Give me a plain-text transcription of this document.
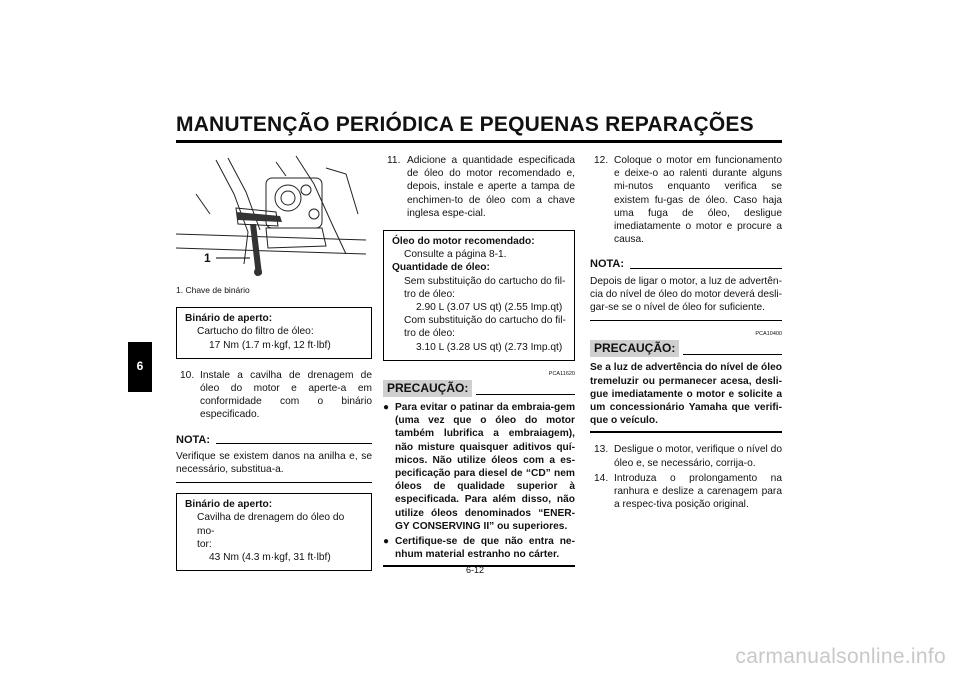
MANUTENÇÃO PERIÓDICA E PEQUENAS REPARAÇÕES
6
1
1. Chave de binário
Binário de aperto:
Cartucho do filtro de óleo:
17 Nm (1.7 m·kgf, 12 ft·lbf)
10. Instale a cavilha de drenagem de óleo do motor e aperte-a em conformidade com o binário especificado.
NOTA:
Verifique se existem danos na anilha e, se necessário, substitua-a.
Binário de aperto:
Cavilha de drenagem do óleo do mo-
tor:
43 Nm (4.3 m·kgf, 31 ft·lbf)
11. Adicione a quantidade especificada de óleo do motor recomendado e, depois, instale e aperte a tampa de enchimen-to de óleo com a chave inglesa espe-cial.
Óleo do motor recomendado:
Consulte a página 8-1.
Quantidade de óleo:
Sem substituição do cartucho do fil-
tro de óleo:
2.90 L (3.07 US qt) (2.55 Imp.qt)
Com substituição do cartucho do fil-
tro de óleo:
3.10 L (3.28 US qt) (2.73 Imp.qt)
PCA11620
PRECAUÇÃO:
● Para evitar o patinar da embraia-gem (uma vez que o óleo do motor também lubrifica a embraiagem), não misture quaisquer aditivos quí-micos. Não utilize óleos com a es-pecificação para diesel de “CD” nem óleos de qualidade superior à especificada. Para além disso, não utilize óleos denominados “ENER-GY CONSERVING II” ou superiores.
● Certifique-se de que não entra ne-nhum material estranho no cárter.
12. Coloque o motor em funcionamento e deixe-o ao ralenti durante alguns mi-nutos enquanto verifica se existem fu-gas de óleo. Caso haja uma fuga de óleo, desligue imediatamente o motor e procure a causa.
NOTA:
Depois de ligar o motor, a luz de advertên-cia do nível de óleo do motor deverá desli-gar-se se o nível de óleo for suficiente.
PCA10400
PRECAUÇÃO:
Se a luz de advertência do nível de óleo tremeluzir ou permanecer acesa, desli-gue imediatamente o motor e solicite a um concessionário Yamaha que verifi-que o veículo.
13. Desligue o motor, verifique o nível do óleo e, se necessário, corrija-o.
14. Introduza o prolongamento na ranhura e deslize a carenagem para a respec-tiva posição original.
6-12
carmanualsonline.info
